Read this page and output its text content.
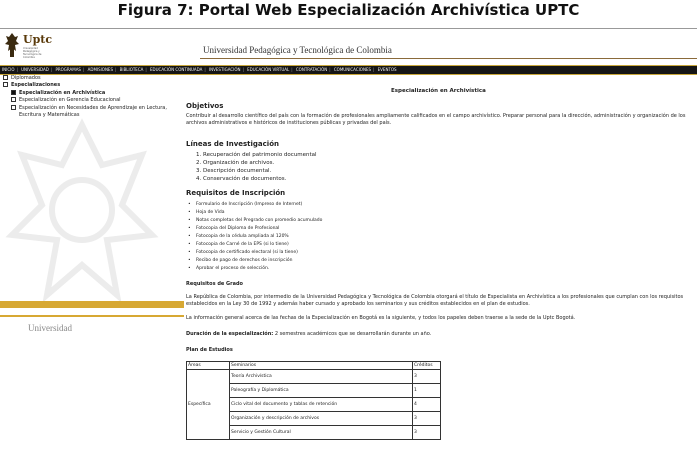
Figura 7: Portal Web Especialización Archivística UPTC
Uptc
Universidad Pedagógica y Tecnológica de Colombia
Universidad Pedagógica y Tecnológica de Colombia
INICIO | UNIVERSIDAD | PROGRAMAS | ADMISIONES | BIBLIOTECA | EDUCACIÓN CONTINUADA | INVESTIGACIÓN | EDUCACIÓN VIRTUAL | CONTRATACIÓN | COMUNICACIONES | EVENTOS
Diplomados
Especializaciones
Especialización en Archivística
Especialización en Gerencia Educacional
Especialización en Necesidades de Aprendizaje en Lectura,
Escritura y Matemáticas
Universidad
Especialización en Archivística
Objetivos
Contribuir al desarrollo científico del país con la formación de profesionales ampliamente calificados en el campo archivístico. Preparar personal para la dirección, administración y organización de los archivos administrativos e históricos de instituciones públicas y privadas del país.
Líneas de Investigación
1. Recuperación del patrimonio documental
2. Organización de archivos.
3. Descripción documental.
4. Conservación de documentos.
Requisitos de Inscripción
• Formulario de Inscripción (Impreso de Internet)
• Hoja de Vida
• Notas completas del Pregrado con promedio acumulado
• Fotocopia del Diploma de Profesional
• Fotocopia de la cédula ampliada al 120%
• Fotocopia de Carné de la EPS (si lo tiene)
• Fotocopia de certificado electoral (si la tiene)
• Recibo de pago de derechos de inscripción
• Aprobar el proceso de selección.
Requisitos de Grado
La República de Colombia, por intermedio de la Universidad Pedagógica y Tecnológica de Colombia otorgará el título de Especialista en Archivística a los profesionales que cumplan con los requisitos establecidos en la Ley 30 de 1992 y además haber cursado y aprobado los seminarios y sus créditos establecidos en el plan de estudios.
La información general acerca de las fechas de la Especialización en Bogotá es la siguiente, y todos los papeles deben traerse a la sede de la Uptc Bogotá.
Duración de la especialización: 2 semestres académicos que se desarrollarán durante un año.
Plan de Estudios
Áreas	Seminarios	Créditos
Específica	Teoría Archivística	3
	Paleografía y Diplomática	1
	Ciclo vital del documento y tablas de retención	4
	Organización y descripción de archivos	3
	Servicio y Gestión Cultural	3
